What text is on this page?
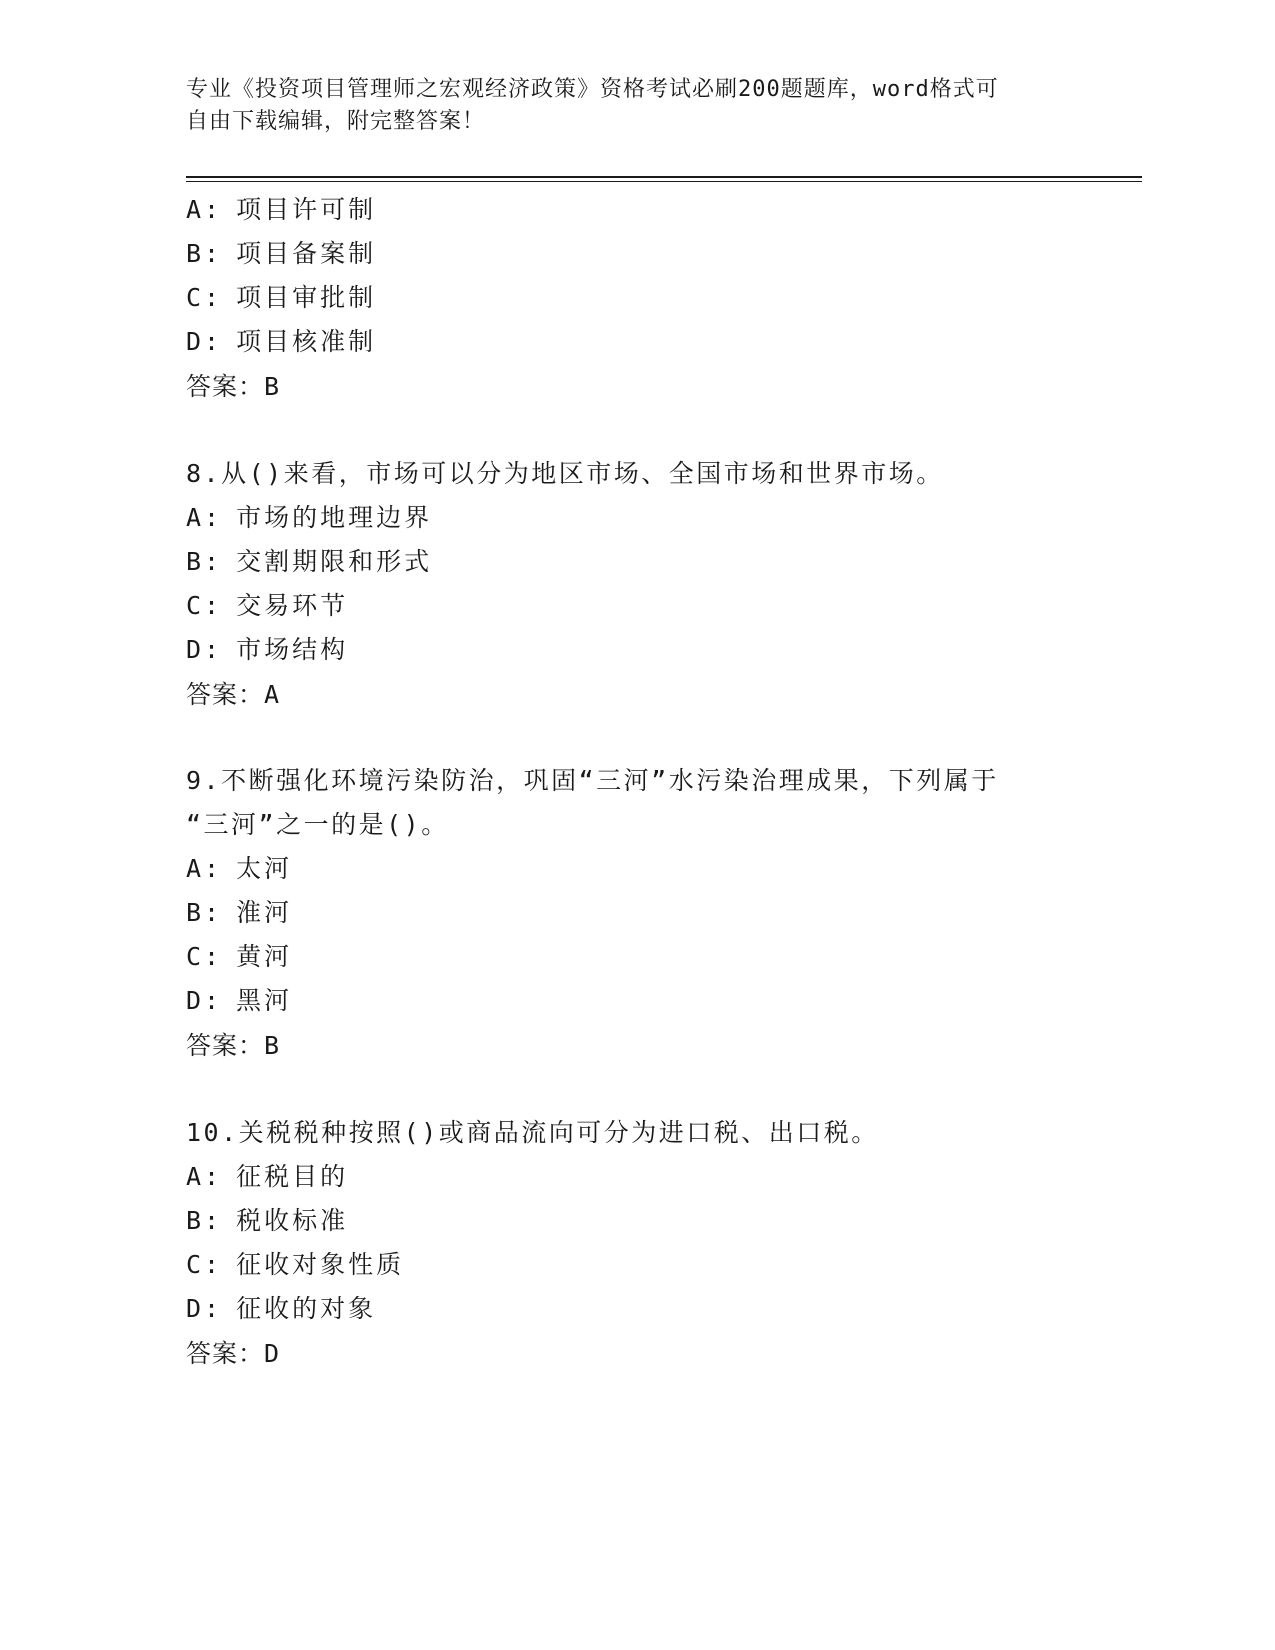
专业《投资项目管理师之宏观经济政策》资格考试必刷200题题库，word格式可
自由下载编辑，附完整答案！
A: 项目许可制
B: 项目备案制
C: 项目审批制
D: 项目核准制
答案：B
8.从()来看，市场可以分为地区市场、全国市场和世界市场。
A: 市场的地理边界
B: 交割期限和形式
C: 交易环节
D: 市场结构
答案：A
9.不断强化环境污染防治，巩固“三河”水污染治理成果，下列属于
“三河”之一的是()。
A: 太河
B: 淮河
C: 黄河
D: 黑河
答案：B
10.关税税种按照()或商品流向可分为进口税、出口税。
A: 征税目的
B: 税收标准
C: 征收对象性质
D: 征收的对象
答案：D
